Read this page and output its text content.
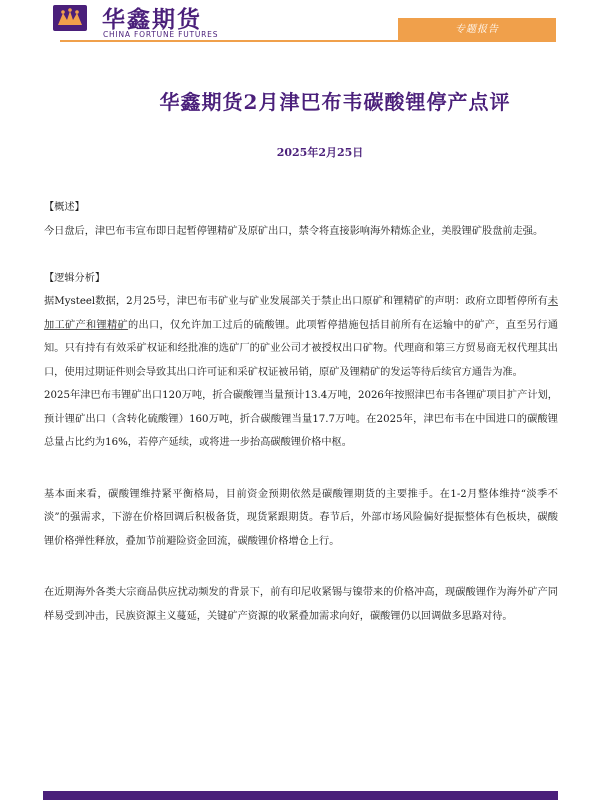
华鑫期货
CHINA FORTUNE FUTURES	专题报告
华鑫期货2月津巴布韦碳酸锂停产点评
2025年2月25日

【概述】

今日盘后，津巴布韦宣布即日起暂停锂精矿及原矿出口，禁令将直接影响海外精炼企业，美股锂矿股盘前走强。

【逻辑分析】

据Mysteel数据，2月25号，津巴布韦矿业与矿业发展部关于禁止出口原矿和锂精矿的声明：政府立即暂停所有未加工矿产和锂精矿的出口，仅允许加工过后的硫酸锂。此项暂停措施包括目前所有在运输中的矿产，直至另行通知。只有持有有效采矿权证和经批准的选矿厂的矿业公司才被授权出口矿物。代理商和第三方贸易商无权代理其出口，使用过期证件则会导致其出口许可证和采矿权证被吊销，原矿及锂精矿的发运等待后续官方通告为准。

2025年津巴布韦锂矿出口120万吨，折合碳酸锂当量预计13.4万吨，2026年按照津巴布韦各锂矿项目扩产计划，预计锂矿出口（含转化硫酸锂）160万吨，折合碳酸锂当量17.7万吨。在2025年，津巴布韦在中国进口的碳酸锂总量占比约为16%，若停产延续，或将进一步抬高碳酸锂价格中枢。

基本面来看，碳酸锂维持紧平衡格局，目前资金预期依然是碳酸锂期货的主要推手。在1-2月整体维持“淡季不淡”的强需求，下游在价格回调后积极备货，现货紧跟期货。春节后，外部市场风险偏好提振整体有色板块，碳酸锂价格弹性释放，叠加节前避险资金回流，碳酸锂价格增仓上行。

在近期海外各类大宗商品供应扰动频发的背景下，前有印尼收紧锡与镍带来的价格冲高，现碳酸锂作为海外矿产同样易受到冲击，民族资源主义蔓延，关键矿产资源的收紧叠加需求向好，碳酸锂仍以回调做多思路对待。
